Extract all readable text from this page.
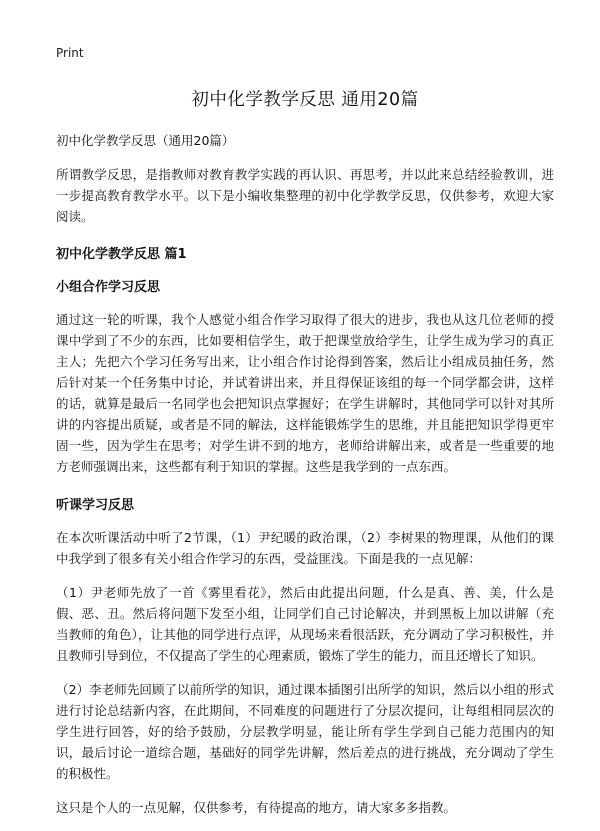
Print
初中化学教学反思 通用20篇
初中化学教学反思（通用20篇）

所谓教学反思，是指教师对教育教学实践的再认识、再思考，并以此来总结经验教训，进一步提高教育教学水平。以下是小编收集整理的初中化学教学反思，仅供参考，欢迎大家阅读。

初中化学教学反思 篇1
小组合作学习反思

通过这一轮的听课，我个人感觉小组合作学习取得了很大的进步，我也从这几位老师的授课中学到了不少的东西，比如要相信学生，敢于把课堂放给学生，让学生成为学习的真正主人；先把六个学习任务写出来，让小组合作讨论得到答案，然后让小组成员抽任务，然后针对某一个任务集中讨论，并试着讲出来，并且得保证该组的每一个同学都会讲，这样的话，就算是最后一名同学也会把知识点掌握好；在学生讲解时，其他同学可以针对其所讲的内容提出质疑，或者是不同的解法，这样能锻炼学生的思维，并且能把知识学得更牢固一些，因为学生在思考；对学生讲不到的地方，老师给讲解出来，或者是一些重要的地方老师强调出来，这些都有利于知识的掌握。这些是我学到的一点东西。

听课学习反思

在本次听课活动中听了2节课，（1）尹纪暖的政治课，（2）李树果的物理课，从他们的课中我学到了很多有关小组合作学习的东西，受益匪浅。下面是我的一点见解：

（1）尹老师先放了一首《雾里看花》，然后由此提出问题，什么是真、善、美，什么是假、恶、丑。然后将问题下发至小组，让同学们自己讨论解决，并到黑板上加以讲解（充当教师的角色），让其他的同学进行点评，从现场来看很活跃，充分调动了学习积极性，并且教师引导到位，不仅提高了学生的心理素质，锻炼了学生的能力，而且还增长了知识。

（2）李老师先回顾了以前所学的知识，通过课本插图引出所学的知识，然后以小组的形式进行讨论总结新内容，在此期间，不同难度的问题进行了分层次提问，让每组相同层次的学生进行回答，好的给予鼓励，分层教学明显，能让所有学生学到自己能力范围内的知识，最后讨论一道综合题，基础好的同学先讲解，然后差点的进行挑战，充分调动了学生的积极性。

这只是个人的一点见解，仅供参考，有待提高的地方，请大家多多指教。
